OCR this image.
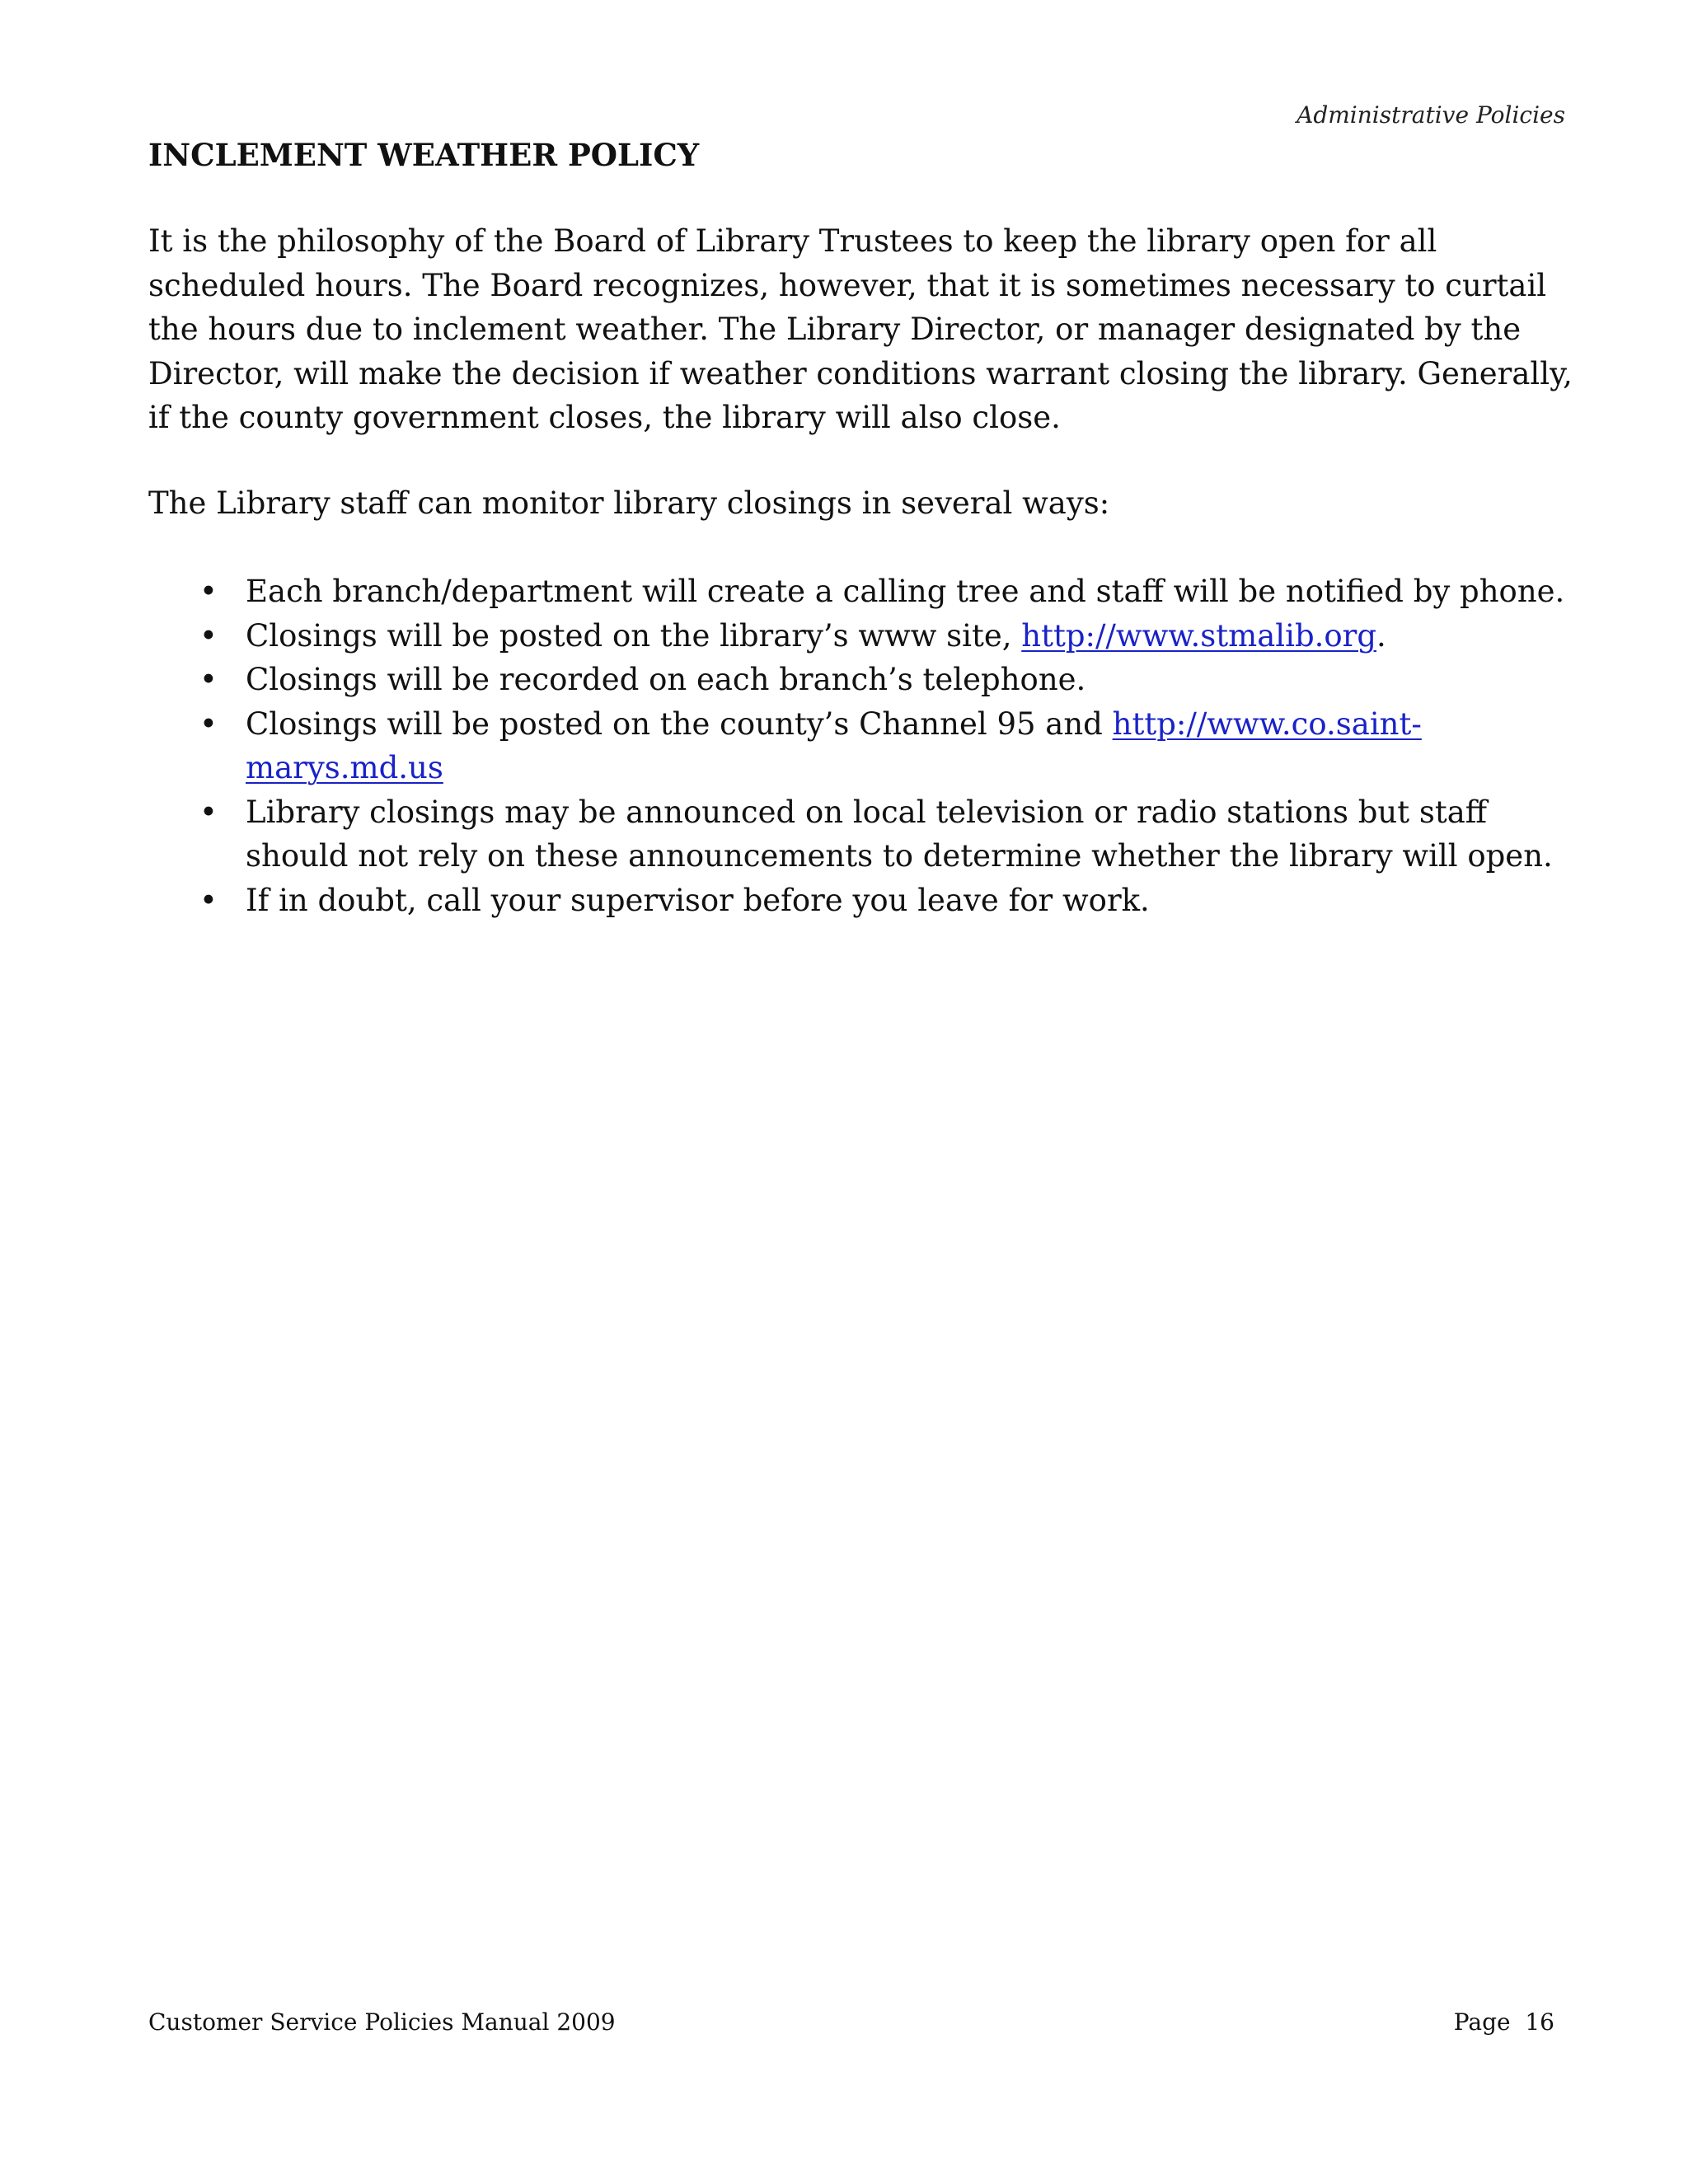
Administrative Policies
INCLEMENT WEATHER POLICY

It is the philosophy of the Board of Library Trustees to keep the library open for all scheduled hours. The Board recognizes, however, that it is sometimes necessary to curtail the hours due to inclement weather. The Library Director, or manager designated by the Director, will make the decision if weather conditions warrant closing the library. Generally, if the county government closes, the library will also close.

The Library staff can monitor library closings in several ways:

• Each branch/department will create a calling tree and staff will be notified by phone.
• Closings will be posted on the library’s www site, http://www.stmalib.org.
• Closings will be recorded on each branch’s telephone.
• Closings will be posted on the county’s Channel 95 and http://www.co.saint-marys.md.us
• Library closings may be announced on local television or radio stations but staff should not rely on these announcements to determine whether the library will open.
• If in doubt, call your supervisor before you leave for work.
Customer Service Policies Manual 2009	Page  16
